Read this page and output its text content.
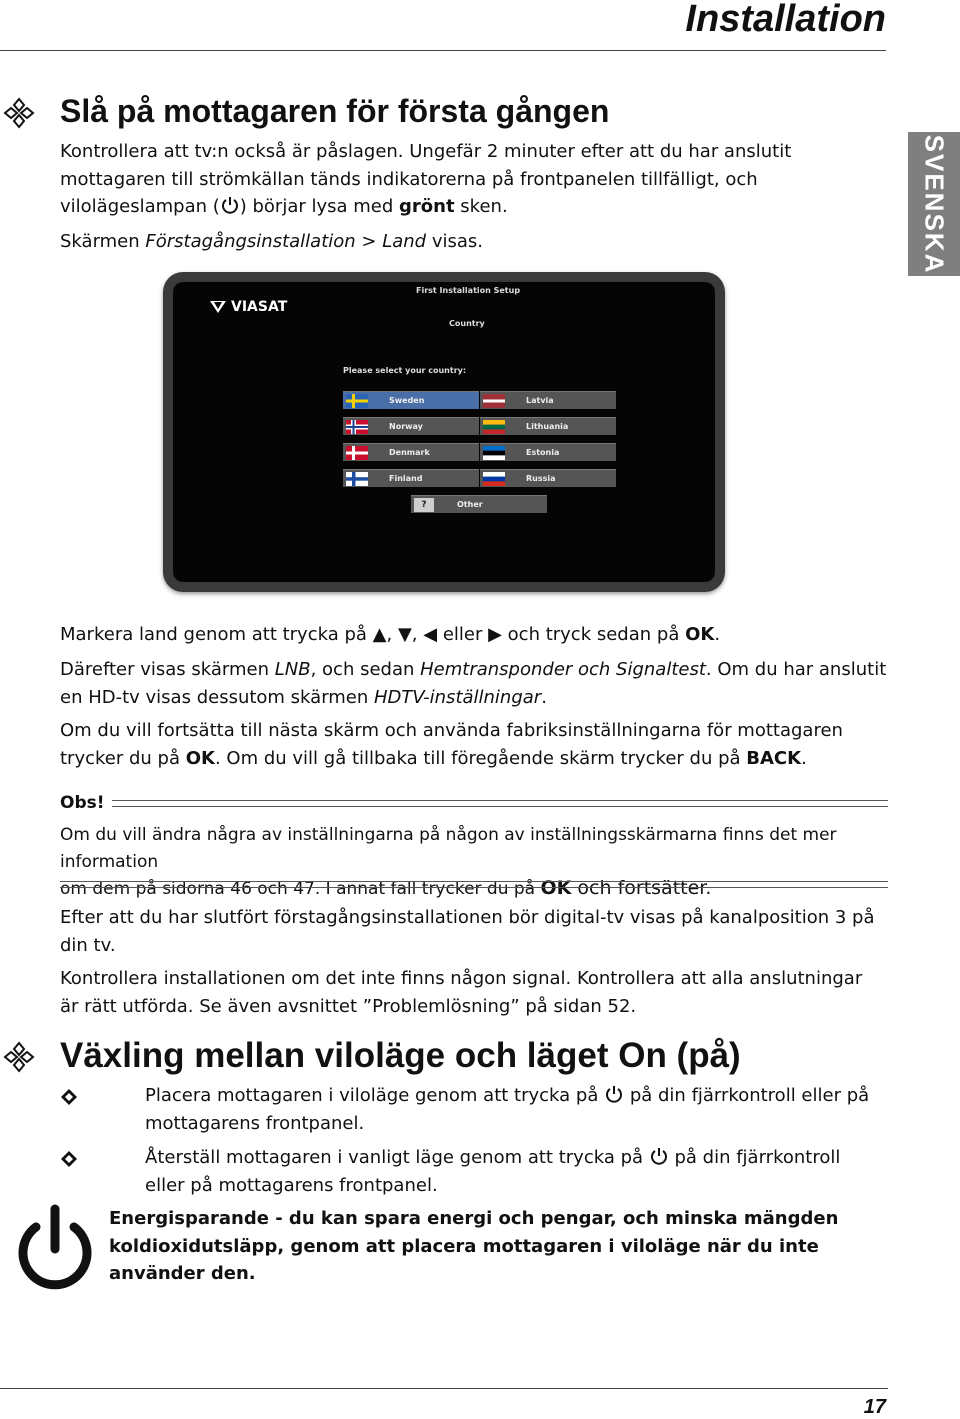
Installation
SVENSKA
Slå på mottagaren för första gången
Kontrollera att tv:n också är påslagen. Ungefär 2 minuter efter att du har anslutit
mottagaren till strömkällan tänds indikatorerna på frontpanelen tillfälligt, och
vilolägeslampan ( ) börjar lysa med grönt sken.
Skärmen Förstagångsinstallation > Land visas.
VIASAT
First Installation Setup
Country
Please select your country:
Sweden
Norway
Denmark
Finland
Latvia
Lithuania
Estonia
Russia
?	Other
Markera land genom att trycka på ▲, ▼, ◀ eller ▶ och tryck sedan på OK.
Därefter visas skärmen LNB, och sedan Hemtransponder och Signaltest. Om du har anslutit
en HD-tv visas dessutom skärmen HDTV-inställningar.
Om du vill fortsätta till nästa skärm och använda fabriksinställningarna för mottagaren
trycker du på OK. Om du vill gå tillbaka till föregående skärm trycker du på BACK.
Obs!
Om du vill ändra några av inställningarna på någon av inställningsskärmarna finns det mer information
om dem på sidorna 46 och 47. I annat fall trycker du på OK och fortsätter.
Efter att du har slutfört förstagångsinstallationen bör digital-tv visas på kanalposition 3 på
din tv.
Kontrollera installationen om det inte finns någon signal. Kontrollera att alla anslutningar
är rätt utförda. Se även avsnittet ”Problemlösning” på sidan 52.
Växling mellan viloläge och läget On (på)
Placera mottagaren i viloläge genom att trycka på  på din fjärrkontroll eller på
mottagarens frontpanel.
Återställ mottagaren i vanligt läge genom att trycka på  på din fjärrkontroll
eller på mottagarens frontpanel.
Energisparande - du kan spara energi och pengar, och minska mängden
koldioxidutsläpp, genom att placera mottagaren i viloläge när du inte
använder den.
17
